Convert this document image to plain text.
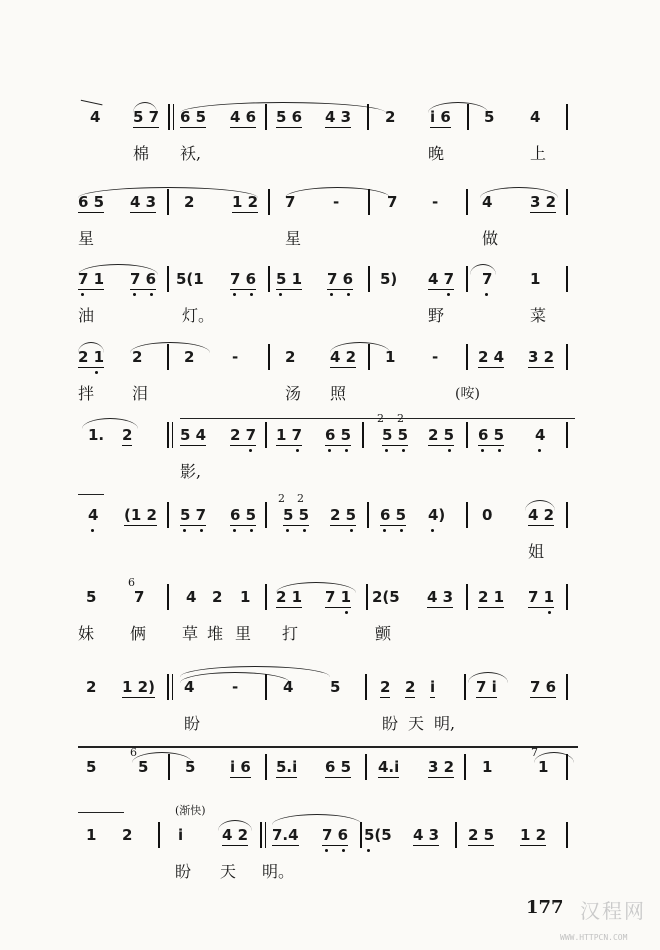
4 5 7 6 5 4 6 5 6 4 3 2 i 6 5 4
棉 袄,	晚	上
6 5 4 3 2	1 2 7	-	7 -	4	3 2
星	星	做
7 1 7 6 5(1 7 6 5 1 7 6 5) 4 7 7	1
油	灯。	野	菜
2 1 2	2	-	2 4 2 1 -	2 4 3 2
拌 泪	汤 照	(咹)
1. 2	5 4 2 7 1 7 6 5
2 2
5 5 2 5 6 5 4
影,
4 (1 2 5 7 6 5
2 2
5 5 2 5 6 5 4) 0 4 2
姐
5
6
7	4 2 1 2 1 7 1 2(5 4 3 2 1 7 1
妹 俩 草 堆 里 打	颤
2 1 2) 4	-	4 5	2 2 i	7 i 7 6
盼	盼 天 明,
5
6
5 5 i 6 5.i 6 5 4.i 3 2 1
7
1
(渐快)
1 2	i	4 2 7.4 7 6 5(5 4 3 2 5 1 2
盼 天 明。
177 汉程网
WWW.HTTPCN.COM
